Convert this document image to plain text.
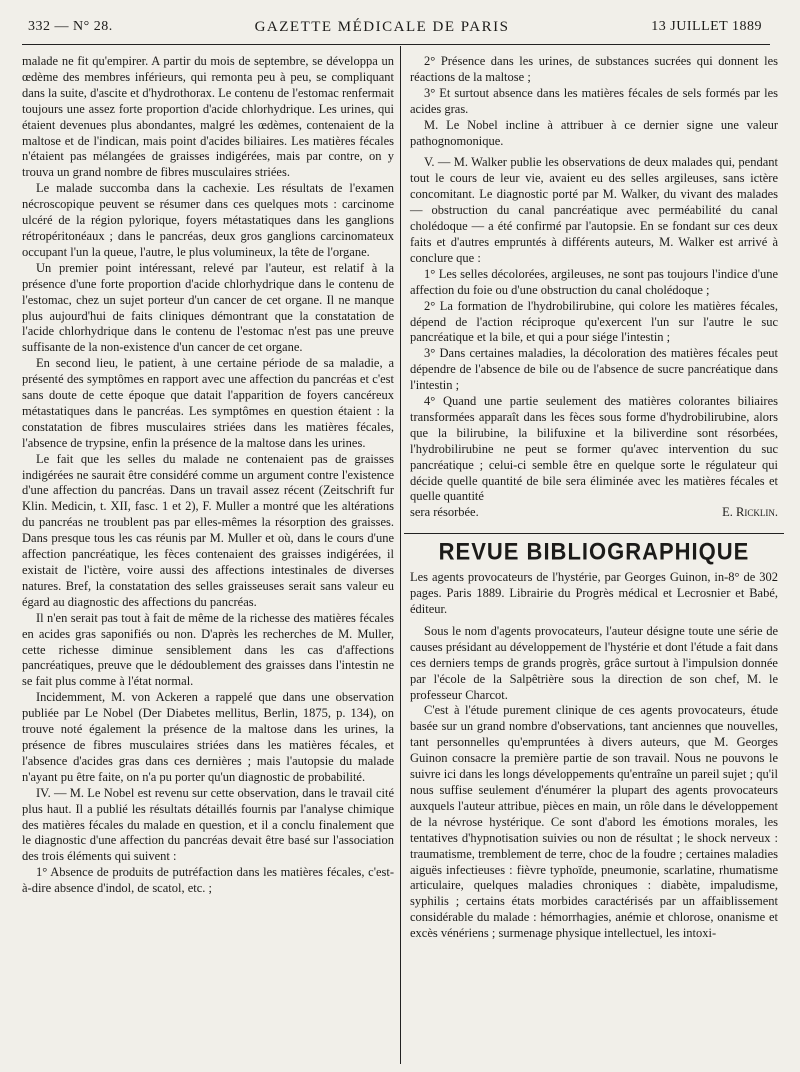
332 — N° 28.	GAZETTE MÉDICALE DE PARIS	13 JUILLET 1889

malade ne fit qu'empirer. A partir du mois de septembre, se développa un œdème des membres inférieurs, qui remonta peu à peu, se compliquant dans la suite, d'ascite et d'hydrothorax. Le contenu de l'estomac renfermait toujours une assez forte proportion d'acide chlorhydrique. Les urines, qui étaient devenues plus abondantes, malgré les œdèmes, contenaient de la maltose et de l'indican, mais point d'acides biliaires. Les matières fécales n'étaient pas mélangées de graisses indigérées, mais par contre, on y trouva un grand nombre de fibres musculaires striées.

Le malade succomba dans la cachexie. Les résultats de l'examen nécroscopique peuvent se résumer dans ces quelques mots : carcinome ulcéré de la région pylorique, foyers métastatiques dans les ganglions rétropéritonéaux ; dans le pancréas, deux gros ganglions carcinomateux occupant l'un la queue, l'autre, le plus volumineux, la tête de l'organe.

Un premier point intéressant, relevé par l'auteur, est relatif à la présence d'une forte proportion d'acide chlorhydrique dans le contenu de l'estomac, chez un sujet porteur d'un cancer de cet organe. Il ne manque plus aujourd'hui de faits cliniques démontrant que la constatation de l'acide chlorhydrique dans le contenu de l'estomac n'est pas une preuve suffisante de la non-existence d'un cancer de cet organe.

En second lieu, le patient, à une certaine période de sa maladie, a présenté des symptômes en rapport avec une affection du pancréas et c'est sans doute de cette époque que datait l'apparition de foyers cancéreux métastatiques dans le pancréas. Les symptômes en question étaient : la constatation de fibres musculaires striées dans les matières fécales, l'absence de trypsine, enfin la présence de la maltose dans les urines.

Le fait que les selles du malade ne contenaient pas de graisses indigérées ne saurait être considéré comme un argument contre l'existence d'une affection du pancréas. Dans un travail assez récent (Zeitschrift fur Klin. Medicin, t. XII, fasc. 1 et 2), F. Muller a montré que les altérations du pancréas ne troublent pas par elles-mêmes la résorption des graisses. Dans presque tous les cas réunis par M. Muller et où, dans le cours d'une affection pancréatique, les fèces contenaient des graisses indigérées, il existait de l'ictère, voire aussi des affections intestinales de diverses natures. Bref, la constatation des selles graisseuses serait sans valeur eu égard au diagnostic des affections du pancréas.

Il n'en serait pas tout à fait de même de la richesse des matières fécales en acides gras saponifiés ou non. D'après les recherches de M. Muller, cette richesse diminue sensiblement dans les cas d'affections pancréatiques, preuve que le dédoublement des graisses dans l'intestin ne se fait plus comme à l'état normal.

Incidemment, M. von Ackeren a rappelé que dans une observation publiée par Le Nobel (Der Diabetes mellitus, Berlin, 1875, p. 134), on trouve noté également la présence de la maltose dans les urines, la présence de fibres musculaires striées dans les matières fécales, et l'absence d'acides gras dans ces dernières ; mais l'autopsie du malade n'ayant pu être faite, on n'a pu porter qu'un diagnostic de probabilité.

IV. — M. Le Nobel est revenu sur cette observation, dans le travail cité plus haut. Il a publié les résultats détaillés fournis par l'analyse chimique des matières fécales du malade en question, et il a conclu finalement que le diagnostic d'une affection du pancréas devait être basé sur l'association des trois éléments qui suivent :

1° Absence de produits de putréfaction dans les matières fécales, c'est-à-dire absence d'indol, de scatol, etc. ;

2° Présence dans les urines, de substances sucrées qui donnent les réactions de la maltose ;

3° Et surtout absence dans les matières fécales de sels formés par les acides gras.

M. Le Nobel incline à attribuer à ce dernier signe une valeur pathognomonique.

V. — M. Walker publie les observations de deux malades qui, pendant tout le cours de leur vie, avaient eu des selles argileuses, sans ictère concomitant. Le diagnostic porté par M. Walker, du vivant des malades — obstruction du canal pancréatique avec perméabilité du canal cholédoque — a été confirmé par l'autopsie. En se fondant sur ces deux faits et d'autres empruntés à différents auteurs, M. Walker est arrivé à conclure que :

1° Les selles décolorées, argileuses, ne sont pas toujours l'indice d'une affection du foie ou d'une obstruction du canal cholédoque ;

2° La formation de l'hydrobilirubine, qui colore les matières fécales, dépend de l'action réciproque qu'exercent l'un sur l'autre le suc pancréatique et la bile, et qui a pour siége l'intestin ;

3° Dans certaines maladies, la décoloration des matières fécales peut dépendre de l'absence de bile ou de l'absence de sucre pancréatique dans l'intestin ;

4° Quand une partie seulement des matières colorantes biliaires transformées apparaît dans les fèces sous forme d'hydrobilirubine, alors que la bilirubine, la bilifuxine et la biliverdine sont résorbées, l'hydrobilirubine ne peut se former qu'avec intervention du suc pancréatique ; celui-ci semble être en quelque sorte le régulateur qui décide quelle quantité de bile sera éliminée avec les matières fécales et quelle quantité

sera résorbée.	E. Ricklin.
REVUE BIBLIOGRAPHIQUE

Les agents provocateurs de l'hystérie, par Georges Guinon, in-8° de 302 pages. Paris 1889. Librairie du Progrès médical et Lecrosnier et Babé, éditeur.

Sous le nom d'agents provocateurs, l'auteur désigne toute une série de causes présidant au développement de l'hystérie et dont l'étude a fait dans ces derniers temps de grands progrès, grâce surtout à l'impulsion donnée par l'école de la Salpêtrière sous la direction de son chef, M. le professeur Charcot.

C'est à l'étude purement clinique de ces agents provocateurs, étude basée sur un grand nombre d'observations, tant anciennes que nouvelles, tant personnelles qu'empruntées à divers auteurs, que M. Georges Guinon consacre la première partie de son travail. Nous ne pouvons le suivre ici dans les longs développements qu'entraîne un pareil sujet ; qu'il nous suffise seulement d'énumérer la plupart des agents provocateurs auxquels l'auteur attribue, pièces en main, un rôle dans le développement de la névrose hystérique. Ce sont d'abord les émotions morales, les tentatives d'hypnotisation suivies ou non de résultat ; le shock nerveux : traumatisme, tremblement de terre, choc de la foudre ; certaines maladies aiguës infectieuses : fièvre typhoïde, pneumonie, scarlatine, rhumatisme articulaire, quelques maladies chroniques : diabète, impaludisme, syphilis ; certains états morbides caractérisés par un affaiblissement considérable du malade : hémorrhagies, anémie et chlorose, onanisme et excès vénériens ; surmenage physique intellectuel, les intoxi-
